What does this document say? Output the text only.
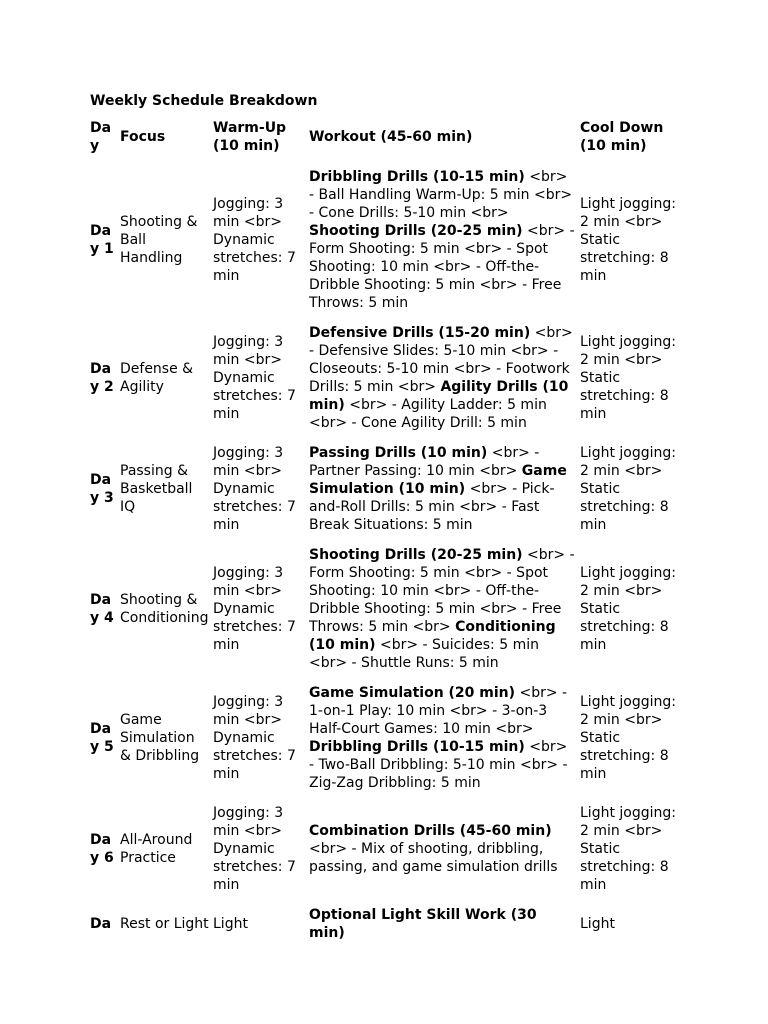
Weekly Schedule Breakdown
Day	Focus	Warm-Up (10 min)	Workout (45-60 min)	Cool Down (10 min)
Day 1	Shooting & Ball Handling	Jogging: 3 min <br> Dynamic stretches: 7 min	Dribbling Drills (10-15 min) <br> - Ball Handling Warm-Up: 5 min <br> - Cone Drills: 5-10 min <br> Shooting Drills (20-25 min) <br> - Form Shooting: 5 min <br> - Spot Shooting: 10 min <br> - Off-the-Dribble Shooting: 5 min <br> - Free Throws: 5 min	Light jogging: 2 min <br> Static stretching: 8 min
Day 2	Defense & Agility	Jogging: 3 min <br> Dynamic stretches: 7 min	Defensive Drills (15-20 min) <br> - Defensive Slides: 5-10 min <br> - Closeouts: 5-10 min <br> - Footwork Drills: 5 min <br> Agility Drills (10 min) <br> - Agility Ladder: 5 min <br> - Cone Agility Drill: 5 min	Light jogging: 2 min <br> Static stretching: 8 min
Day 3	Passing & Basketball IQ	Jogging: 3 min <br> Dynamic stretches: 7 min	Passing Drills (10 min) <br> - Partner Passing: 10 min <br> Game Simulation (10 min) <br> - Pick-and-Roll Drills: 5 min <br> - Fast Break Situations: 5 min	Light jogging: 2 min <br> Static stretching: 8 min
Day 4	Shooting & Conditioning	Jogging: 3 min <br> Dynamic stretches: 7 min	Shooting Drills (20-25 min) <br> - Form Shooting: 5 min <br> - Spot Shooting: 10 min <br> - Off-the-Dribble Shooting: 5 min <br> - Free Throws: 5 min <br> Conditioning (10 min) <br> - Suicides: 5 min <br> - Shuttle Runs: 5 min	Light jogging: 2 min <br> Static stretching: 8 min
Day 5	Game Simulation & Dribbling	Jogging: 3 min <br> Dynamic stretches: 7 min	Game Simulation (20 min) <br> - 1-on-1 Play: 10 min <br> - 3-on-3 Half-Court Games: 10 min <br> Dribbling Drills (10-15 min) <br> - Two-Ball Dribbling: 5-10 min <br> - Zig-Zag Dribbling: 5 min	Light jogging: 2 min <br> Static stretching: 8 min
Day 6	All-Around Practice	Jogging: 3 min <br> Dynamic stretches: 7 min	Combination Drills (45-60 min) <br> - Mix of shooting, dribbling, passing, and game simulation drills	Light jogging: 2 min <br> Static stretching: 8 min
Da	Rest or Light	Light	Optional Light Skill Work (30 min)	Light
